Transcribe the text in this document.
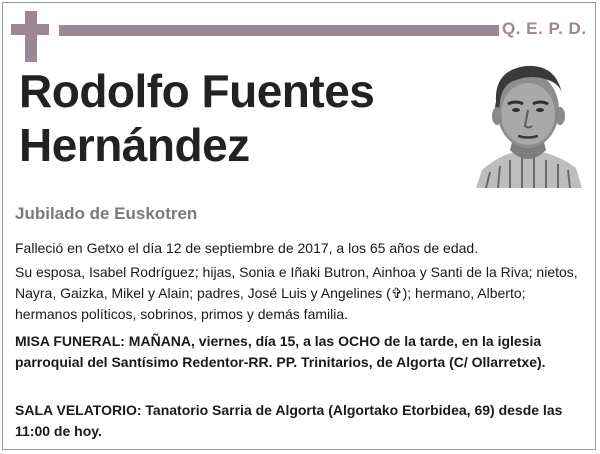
Q. E. P. D.
Rodolfo Fuentes
Hernández
Jubilado de Euskotren
Falleció en Getxo el día 12 de septiembre de 2017, a los 65 años de edad.
Su esposa, Isabel Rodríguez; hijas, Sonia e Iñaki Butron, Ainhoa y Santi de la Riva; nietos, Nayra, Gaizka, Mikel y Alain; padres, José Luis y Angelines (✞); hermano, Alberto; hermanos políticos, sobrinos, primos y demás familia.
MISA FUNERAL: MAÑANA, viernes, día 15, a las OCHO de la tarde, en la iglesia parroquial del Santísimo Redentor-RR. PP. Trinitarios, de Algorta (C/ Ollarretxe).
SALA VELATORIO: Tanatorio Sarria de Algorta (Algortako Etorbidea, 69) desde las 11:00 de hoy.
